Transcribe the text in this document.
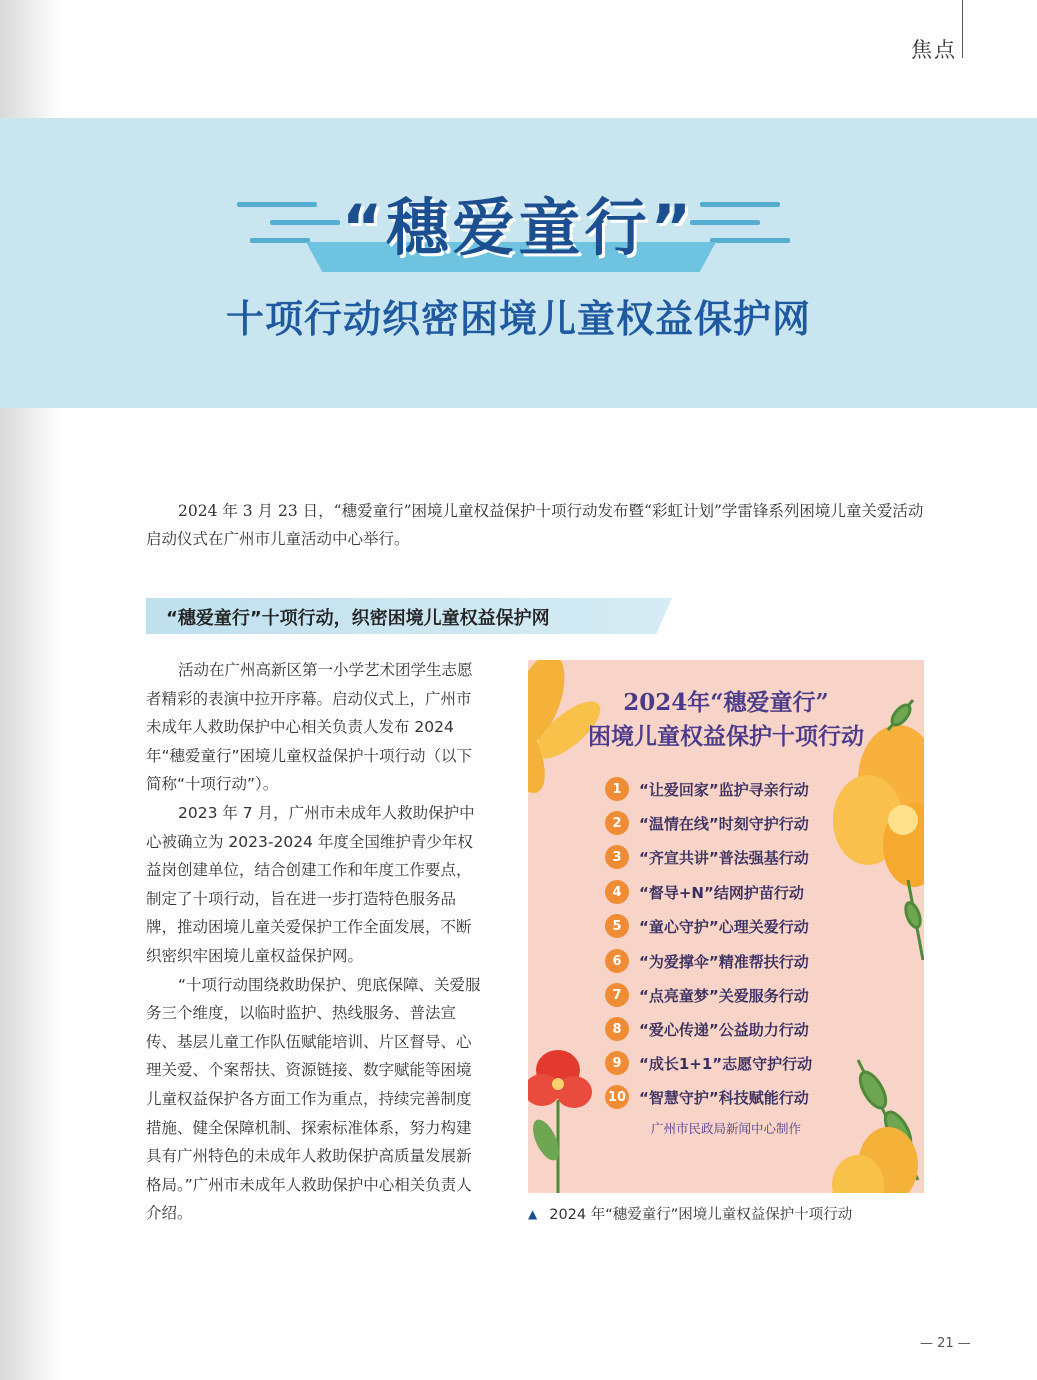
焦点
“穗爱童行”
十项行动织密困境儿童权益保护网
2024 年 3 月 23 日，“穗爱童行”困境儿童权益保护十项行动发布暨“彩虹计划”学雷锋系列困境儿童关爱活动启动仪式在广州市儿童活动中心举行。
“穗爱童行”十项行动，织密困境儿童权益保护网

活动在广州高新区第一小学艺术团学生志愿者精彩的表演中拉开序幕。启动仪式上，广州市未成年人救助保护中心相关负责人发布 2024 年“穗爱童行”困境儿童权益保护十项行动（以下简称“十项行动”）。

2023 年 7 月，广州市未成年人救助保护中心被确立为 2023-2024 年度全国维护青少年权益岗创建单位，结合创建工作和年度工作要点，制定了十项行动，旨在进一步打造特色服务品牌，推动困境儿童关爱保护工作全面发展，不断织密织牢困境儿童权益保护网。

“十项行动围绕救助保护、兜底保障、关爱服务三个维度，以临时监护、热线服务、普法宣传、基层儿童工作队伍赋能培训、片区督导、心理关爱、个案帮扶、资源链接、数字赋能等困境儿童权益保护各方面工作为重点，持续完善制度措施、健全保障机制、探索标准体系，努力构建具有广州特色的未成年人救助保护高质量发展新格局。”广州市未成年人救助保护中心相关负责人介绍。

2024年“穗爱童行”
困境儿童权益保护十项行动
1	“让爱回家”监护寻亲行动
2	“温情在线”时刻守护行动
3	“齐宣共讲”普法强基行动
4	“督导+N”结网护苗行动
5	“童心守护”心理关爱行动
6	“为爱撑伞”精准帮扶行动
7	“点亮童梦”关爱服务行动
8	“爱心传递”公益助力行动
9	“成长1+1”志愿守护行动
10 “智慧守护”科技赋能行动
广州市民政局新闻中心制作
▲ 2024 年“穗爱童行”困境儿童权益保护十项行动
— 21 —
